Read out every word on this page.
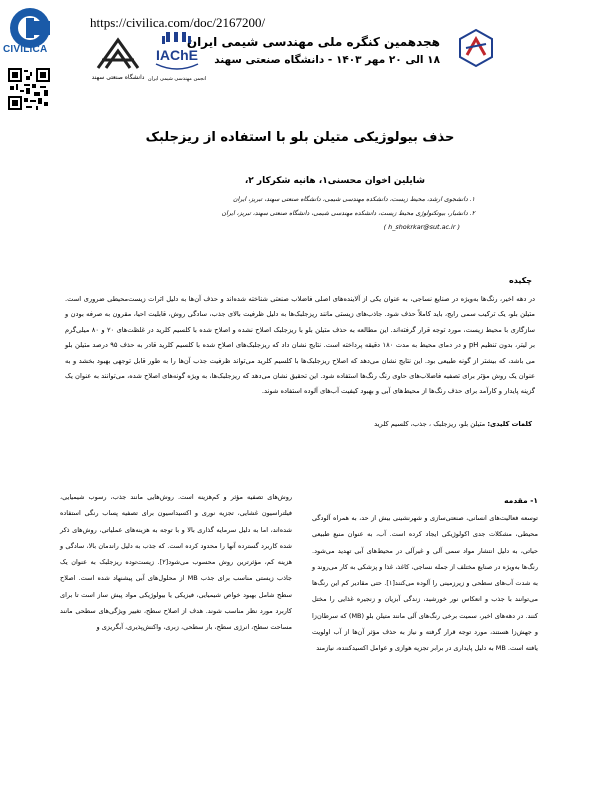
CIVILICA
https://civilica.com/doc/2167200/
دانشگاه صنعتی سهند
IAChE
انجمن مهندسی شیمی ایران
هجدهمین کنگره ملی مهندسی شیمی ایران
۱۸ الی ۲۰ مهر ۱۴۰۳ - دانشگاه صنعتی سهند
حذف بیولوژیکی متیلن بلو با استفاده از ریزجلبک
شایلین اخوان محسنی۱، هانیه شکرکار ۲،
۱. دانشجوی ارشد، محیط زیست، دانشکده مهندسی شیمی، دانشگاه صنعتی سهند، تبریز، ایران
۲. دانشیار، بیوتکنولوژی محیط زیست، دانشکده مهندسی شیمی، دانشگاه صنعتی سهند، تبریز، ایران
( h_shokrkar@sut.ac.ir )
چکیده
در دهه اخیر، رنگ‌ها به‌ویژه در صنایع نساجی، به عنوان یکی از آلاینده‌های اصلی فاضلاب صنعتی شناخته شده‌اند و حذف آن‌ها به دلیل اثرات زیست‌محیطی ضروری است. متیلن بلو، یک ترکیب سمی رایج، باید کاملاً حذف شود. جاذب‌های زیستی مانند ریزجلبک‌ها به دلیل ظرفیت بالای جذب، سادگی روش، قابلیت احیا، مقرون به صرفه بودن و سازگاری با محیط زیست، مورد توجه قرار گرفته‌اند. این مطالعه به حذف متیلن بلو با ریزجلبک اصلاح نشده و اصلاح شده با کلسیم کلرید در غلظت‌های ۲۰ و ۸۰ میلی‌گرم بر لیتر، بدون تنظیم pH و در دمای محیط به مدت ۱۸۰ دقیقه پرداخته است. نتایج نشان داد که ریزجلبک‌های اصلاح شده با کلسیم کلرید قادر به حذف ۹۵ درصد متیلن بلو می باشد، که بیشتر از گونه طبیعی بود. این نتایج نشان می‌دهد که اصلاح ریزجلبک‌ها با کلسیم کلرید می‌تواند ظرفیت جذب آن‌ها را به طور قابل توجهی بهبود بخشد و به عنوان یک روش مؤثر برای تصفیه فاضلاب‌های حاوی رنگ رنگ‌ها استفاده شود. این تحقیق نشان می‌دهد که ریزجلبک‌ها، به ویژه گونه‌های اصلاح شده، می‌توانند به عنوان یک گزینه پایدار و کارآمد برای حذف رنگ‌ها از محیط‌های آبی و بهبود کیفیت آب‌های آلوده استفاده شوند.
کلمات کلیدی: متیلن بلو، ریزجلبک ، جذب، کلسیم کلرید
۱- مقدمه
توسعه فعالیت‌های انسانی، صنعتی‌سازی و شهرنشینی بیش از حد، به همراه آلودگی محیطی، مشکلات جدی اکولوژیکی ایجاد کرده است. آب، به عنوان منبع طبیعی حیاتی، به دلیل انتشار مواد سمی آلی و غیرآلی در محیط‌های آبی تهدید می‌شود. رنگ‌ها به‌ویژه در صنایع مختلف از جمله نساجی، کاغذ، غذا و پزشکی به کار می‌روند و به شدت آب‌های سطحی و زیرزمینی را آلوده می‌کنند[۱]. حتی مقادیر کم این رنگ‌ها می‌توانند با جذب و انعکاس نور خورشید، زندگی آبزیان و زنجیره غذایی را مختل کنند. در دهه‌های اخیر، سمیت برخی رنگ‌های آلی مانند متیلن بلو (MB) که سرطان‌زا و جهش‌زا هستند، مورد توجه قرار گرفته و نیاز به حذف مؤثر آن‌ها از آب اولویت یافته است. MB به دلیل پایداری در برابر تجزیه هوازی و عوامل اکسیدکننده، نیازمند
روش‌های تصفیه مؤثر و کم‌هزینه است. روش‌هایی مانند جذب، رسوب شیمیایی، فیلتراسیون غشایی، تجزیه نوری و اکسیداسیون برای تصفیه پساب رنگی استفاده شده‌اند، اما به دلیل سرمایه گذاری بالا و با توجه به هزینه‌های عملیاتی، روش‌های ذکر شده کاربرد گسترده آنها را محدود کرده است. که جذب به دلیل راندمان بالا، سادگی و هزینه کم، مؤثرترین روش محسوب می‌شود[۲]. زیست‌توده ریزجلبک به عنوان یک جاذب زیستی مناسب برای جذب MB از محلول‌های آبی پیشنهاد شده است. اصلاح سطح شامل بهبود خواص شیمیایی، فیزیکی یا بیولوژیکی مواد پیش ساز است تا برای کاربرد مورد نظر مناسب شوند. هدف از اصلاح سطح، تغییر ویژگی‌های سطحی مانند مساحت سطح، انرژی سطح، بار سطحی، زبری، واکنش‌پذیری، آبگریزی و
